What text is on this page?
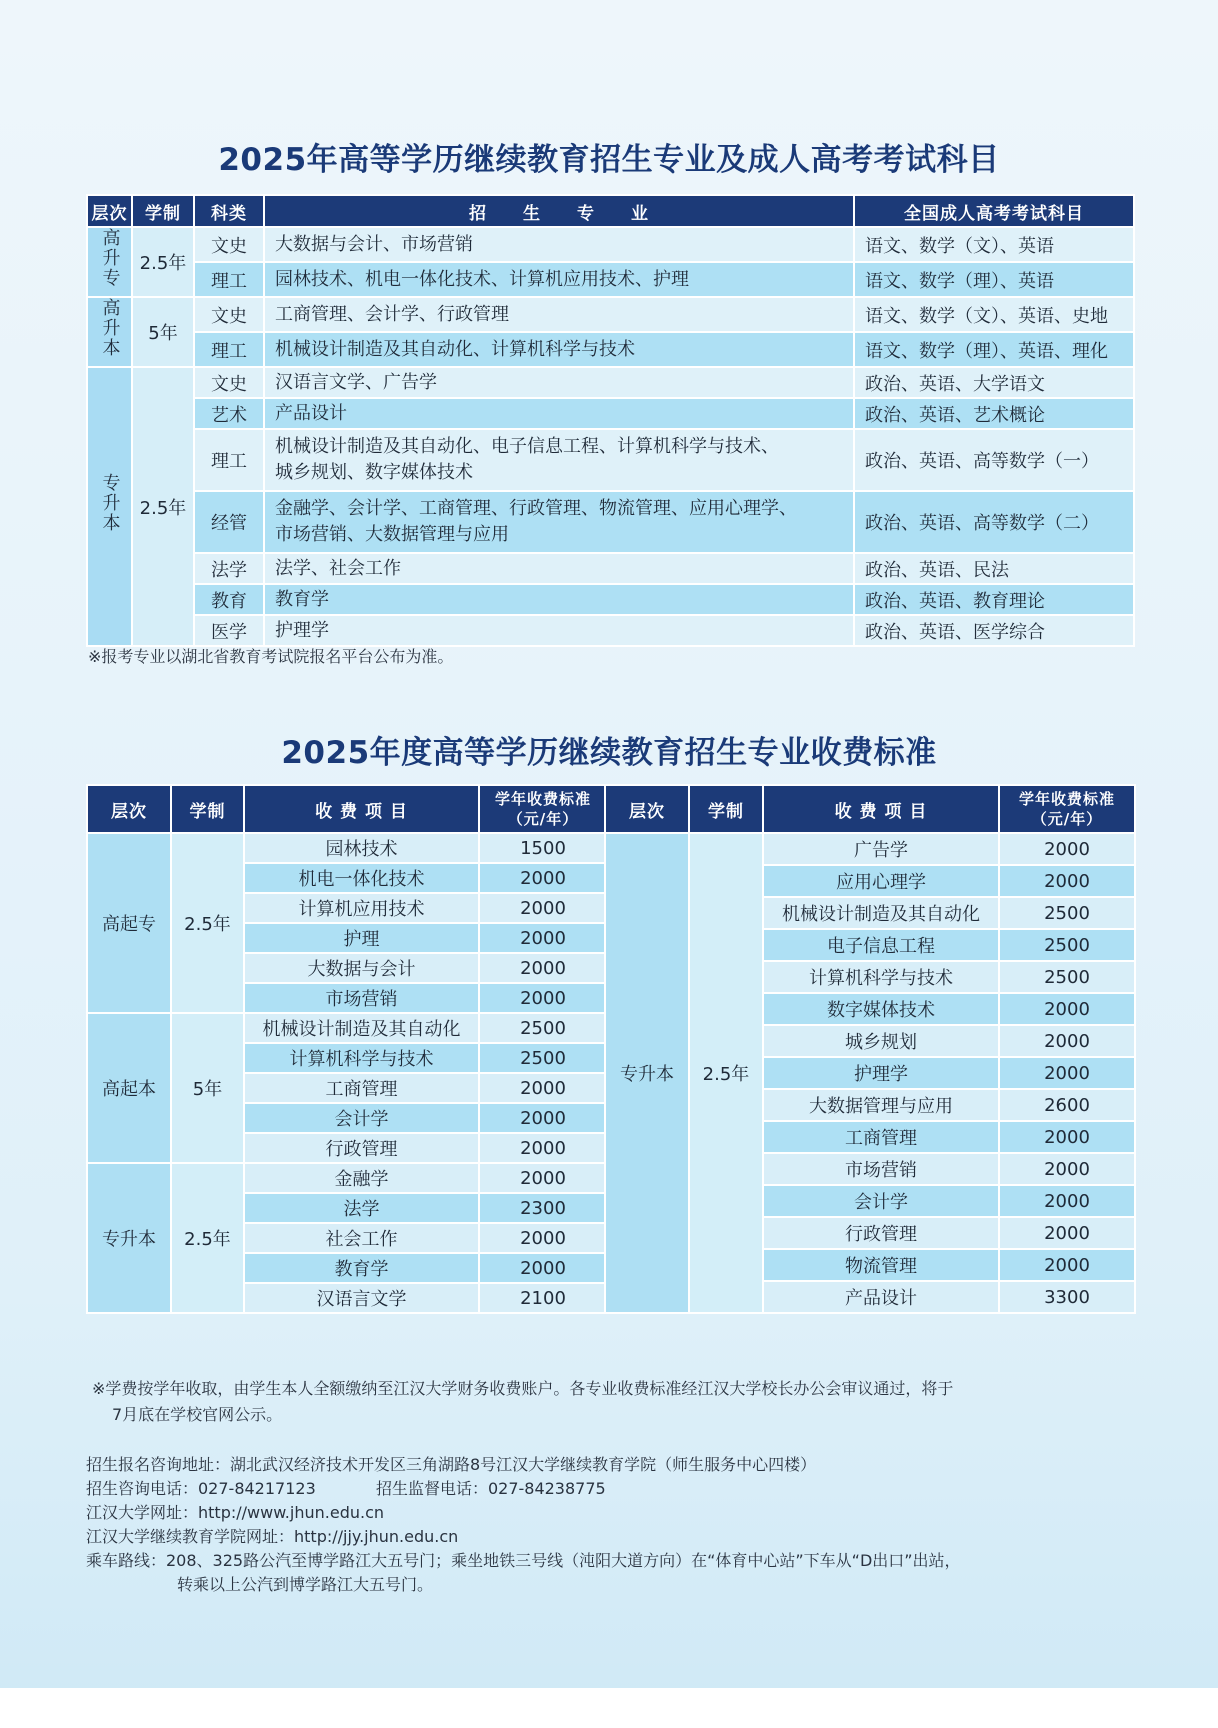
2025年高等学历继续教育招生专业及成人高考考试科目
层次	学制	科类	招　　生　　专　　业	全国成人高考考试科目
高升专	2.5年	文史	大数据与会计、市场营销	语文、数学（文）、英语
		理工	园林技术、机电一体化技术、计算机应用技术、护理	语文、数学（理）、英语
高升本	5年	文史	工商管理、会计学、行政管理	语文、数学（文）、英语、史地
		理工	机械设计制造及其自动化、计算机科学与技术	语文、数学（理）、英语、理化
专升本	2.5年	文史	汉语言文学、广告学	政治、英语、大学语文
		艺术	产品设计	政治、英语、艺术概论
		理工	机械设计制造及其自动化、电子信息工程、计算机科学与技术、
城乡规划、数字媒体技术	政治、英语、高等数学（一）
		经管	金融学、会计学、工商管理、行政管理、物流管理、应用心理学、
市场营销、大数据管理与应用	政治、英语、高等数学（二）
		法学	法学、社会工作	政治、英语、民法
		教育	教育学	政治、英语、教育理论
		医学	护理学	政治、英语、医学综合
※报考专业以湖北省教育考试院报名平台公布为准。
2025年度高等学历继续教育招生专业收费标准
层次	学制	收 费 项 目	学年收费标准
（元/年）

高起专	2.5年	园林技术	1500
		机电一体化技术	2000
		计算机应用技术	2000
		护理	2000
		大数据与会计	2000
		市场营销	2000
高起本	5年	机械设计制造及其自动化	2500
		计算机科学与技术	2500
		工商管理	2000
		会计学	2000
		行政管理	2000
专升本	2.5年	金融学	2000
		法学	2300
		社会工作	2000
		教育学	2000
		汉语言文学	2100
层次	学制	收 费 项 目	学年收费标准
（元/年）

专升本	2.5年	广告学	2000
		应用心理学	2000
		机械设计制造及其自动化	2500
		电子信息工程	2500
		计算机科学与技术	2500
		数字媒体技术	2000
		城乡规划	2000
		护理学	2000
		大数据管理与应用	2600
		工商管理	2000
		市场营销	2000
		会计学	2000
		行政管理	2000
		物流管理	2000
		产品设计	3300
※学费按学年收取，由学生本人全额缴纳至江汉大学财务收费账户。各专业收费标准经江汉大学校长办公会审议通过，将于
7月底在学校官网公示。
招生报名咨询地址：湖北武汉经济技术开发区三角湖路8号江汉大学继续教育学院（师生服务中心四楼）
招生咨询电话：027-84217123	招生监督电话：027-84238775
江汉大学网址：http://www.jhun.edu.cn
江汉大学继续教育学院网址：http://jjy.jhun.edu.cn
乘车路线：208、325路公汽至博学路江大五号门；乘坐地铁三号线（沌阳大道方向）在“体育中心站”下车从“D出口”出站，
转乘以上公汽到博学路江大五号门。
